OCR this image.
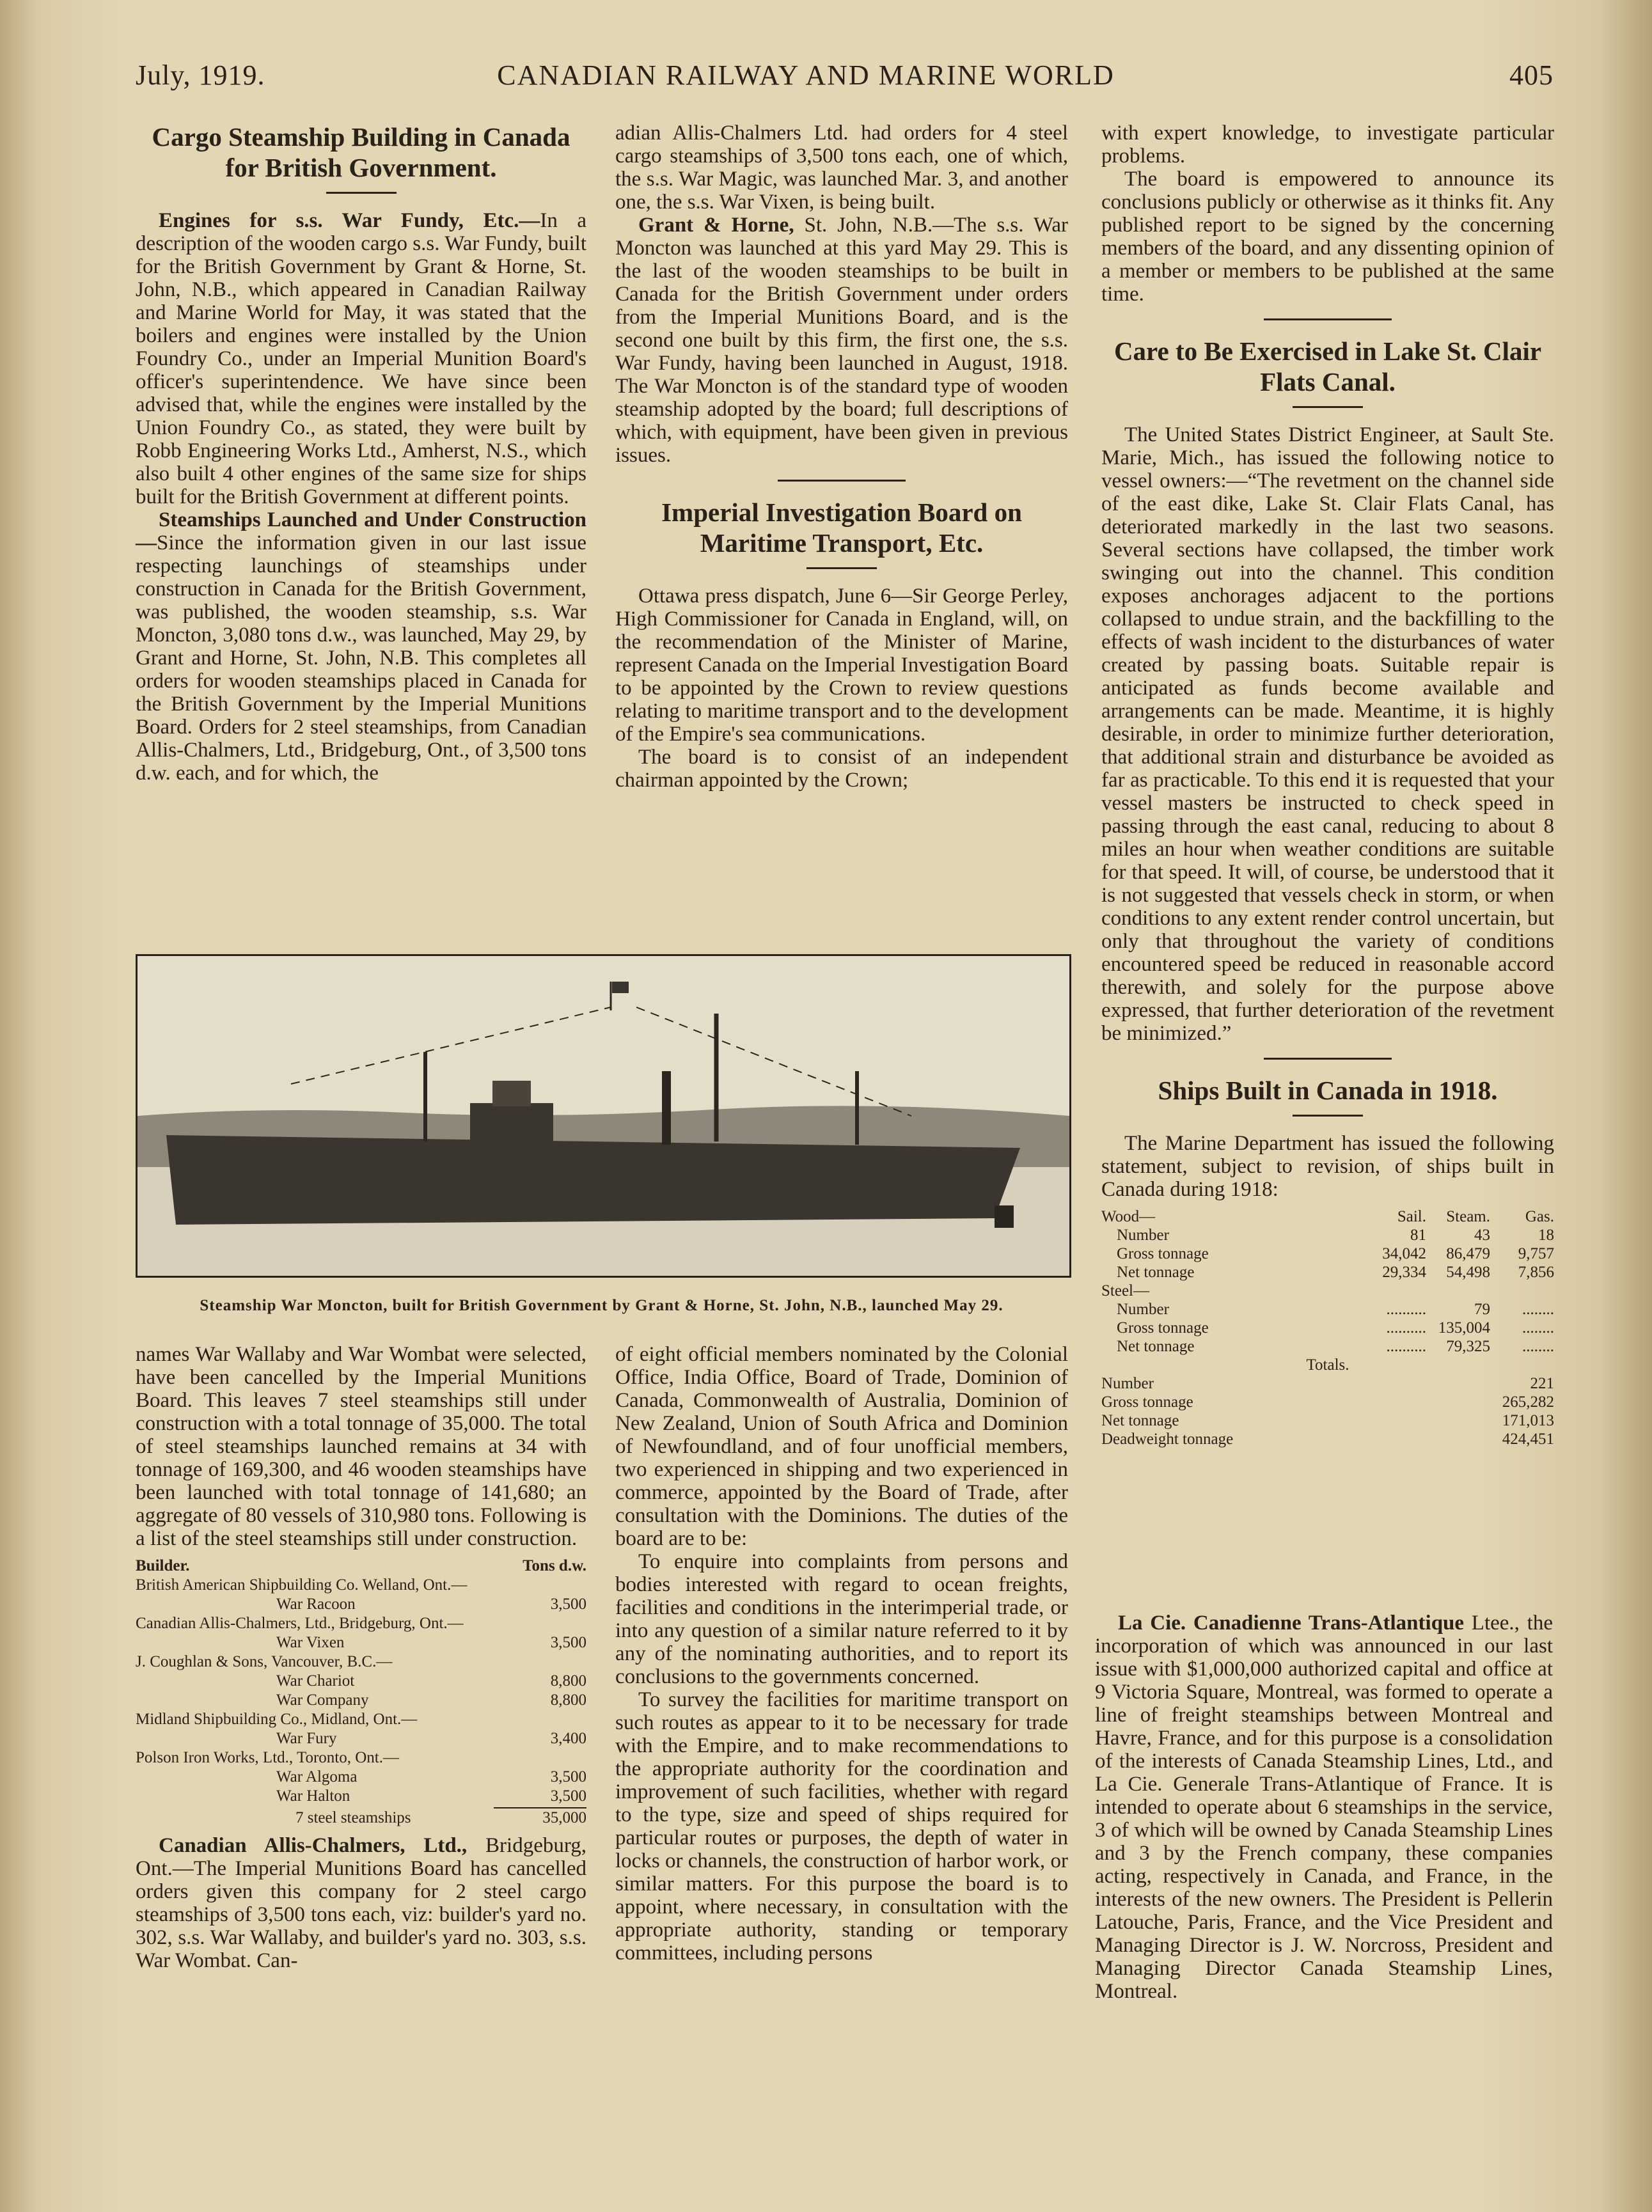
July, 1919.	CANADIAN RAILWAY AND MARINE WORLD	405
Cargo Steamship Building in Canada for British Government.

Engines for s.s. War Fundy, Etc.—In a description of the wooden cargo s.s. War Fundy, built for the British Government by Grant & Horne, St. John, N.B., which appeared in Canadian Railway and Marine World for May, it was stated that the boilers and engines were installed by the Union Foundry Co., under an Imperial Munition Board's officer's superintendence. We have since been advised that, while the engines were installed by the Union Foundry Co., as stated, they were built by Robb Engineering Works Ltd., Amherst, N.S., which also built 4 other engines of the same size for ships built for the British Government at different points.

Steamships Launched and Under Construction—Since the information given in our last issue respecting launchings of steamships under construction in Canada for the British Government, was published, the wooden steamship, s.s. War Moncton, 3,080 tons d.w., was launched, May 29, by Grant and Horne, St. John, N.B. This completes all orders for wooden steamships placed in Canada for the British Government by the Imperial Munitions Board. Orders for 2 steel steamships, from Canadian Allis-Chalmers, Ltd., Bridgeburg, Ont., of 3,500 tons d.w. each, and for which, the

adian Allis-Chalmers Ltd. had orders for 4 steel cargo steamships of 3,500 tons each, one of which, the s.s. War Magic, was launched Mar. 3, and another one, the s.s. War Vixen, is being built.

Grant & Horne, St. John, N.B.—The s.s. War Moncton was launched at this yard May 29. This is the last of the wooden steamships to be built in Canada for the British Government under orders from the Imperial Munitions Board, and is the second one built by this firm, the first one, the s.s. War Fundy, having been launched in August, 1918. The War Moncton is of the standard type of wooden steamship adopted by the board; full descriptions of which, with equipment, have been given in previous issues.

Imperial Investigation Board on Maritime Transport, Etc.

Ottawa press dispatch, June 6—Sir George Perley, High Commissioner for Canada in England, will, on the recommendation of the Minister of Marine, represent Canada on the Imperial Investigation Board to be appointed by the Crown to review questions relating to maritime transport and to the development of the Empire's sea communications.

The board is to consist of an independent chairman appointed by the Crown;

with expert knowledge, to investigate particular problems.

The board is empowered to announce its conclusions publicly or otherwise as it thinks fit. Any published report to be signed by the concerning members of the board, and any dissenting opinion of a member or members to be published at the same time.

Care to Be Exercised in Lake St. Clair Flats Canal.

The United States District Engineer, at Sault Ste. Marie, Mich., has issued the following notice to vessel owners:—“The revetment on the channel side of the east dike, Lake St. Clair Flats Canal, has deteriorated markedly in the last two seasons. Several sections have collapsed, the timber work swinging out into the channel. This condition exposes anchorages adjacent to the portions collapsed to undue strain, and the backfilling to the effects of wash incident to the disturbances of water created by passing boats. Suitable repair is anticipated as funds become available and arrangements can be made. Meantime, it is highly desirable, in order to minimize further deterioration, that additional strain and disturbance be avoided as far as practicable. To this end it is requested that your vessel masters be instructed to check speed in passing through the east canal, reducing to about 8 miles an hour when weather conditions are suitable for that speed. It will, of course, be understood that it is not suggested that vessels check in storm, or when conditions to any extent render control uncertain, but only that throughout the variety of conditions encountered speed be reduced in reasonable accord therewith, and solely for the purpose above expressed, that further deterioration of the revetment be minimized.”

Ships Built in Canada in 1918.

The Marine Department has issued the following statement, subject to revision, of ships built in Canada during 1918:

Wood—	Sail.	Steam.	Gas.
Number	81	43	18
Gross tonnage	34,042	86,479	9,757
Net tonnage	29,334	54,498	7,856
Steel—
Number	..........	79	........
Gross tonnage	.......... 135,004	........
Net tonnage	..........	79,325	........
Totals.
Number	221
Gross tonnage	265,282
Net tonnage	171,013
Deadweight tonnage	424,451

La Cie. Canadienne Trans-Atlantique Ltee., the incorporation of which was announced in our last issue with $1,000,000 authorized capital and office at 9 Victoria Square, Montreal, was formed to operate a line of freight steamships between Montreal and Havre, France, and for this purpose is a consolidation of the interests of Canada Steamship Lines, Ltd., and La Cie. Generale Trans-Atlantique of France. It is intended to operate about 6 steamships in the service, 3 of which will be owned by Canada Steamship Lines and 3 by the French company, these companies acting, respectively in Canada, and France, in the interests of the new owners. The President is Pellerin Latouche, Paris, France, and the Vice President and Managing Director is J. W. Norcross, President and Managing Director Canada Steamship Lines, Montreal.

Steamship War Moncton, built for British Government by Grant & Horne, St. John, N.B., launched May 29.

names War Wallaby and War Wombat were selected, have been cancelled by the Imperial Munitions Board. This leaves 7 steel steamships still under construction with a total tonnage of 35,000. The total of steel steamships launched remains at 34 with tonnage of 169,300, and 46 wooden steamships have been launched with total tonnage of 141,680; an aggregate of 80 vessels of 310,980 tons. Following is a list of the steel steamships still under construction.

Builder.	Tons d.w.
British American Shipbuilding Co. Welland, Ont.—
War Racoon	3,500
Canadian Allis-Chalmers, Ltd., Bridgeburg, Ont.—
War Vixen	3,500
J. Coughlan & Sons, Vancouver, B.C.—
War Chariot	8,800
War Company	8,800
Midland Shipbuilding Co., Midland, Ont.—
War Fury	3,400
Polson Iron Works, Ltd., Toronto, Ont.—
War Algoma	3,500
War Halton	3,500
7 steel steamships	35,000

Canadian Allis-Chalmers, Ltd., Bridgeburg, Ont.—The Imperial Munitions Board has cancelled orders given this company for 2 steel cargo steamships of 3,500 tons each, viz: builder's yard no. 302, s.s. War Wallaby, and builder's yard no. 303, s.s. War Wombat. Can-

of eight official members nominated by the Colonial Office, India Office, Board of Trade, Dominion of Canada, Commonwealth of Australia, Dominion of New Zealand, Union of South Africa and Dominion of Newfoundland, and of four unofficial members, two experienced in shipping and two experienced in commerce, appointed by the Board of Trade, after consultation with the Dominions. The duties of the board are to be:

To enquire into complaints from persons and bodies interested with regard to ocean freights, facilities and conditions in the interimperial trade, or into any question of a similar nature referred to it by any of the nominating authorities, and to report its conclusions to the governments concerned.

To survey the facilities for maritime transport on such routes as appear to it to be necessary for trade with the Empire, and to make recommendations to the appropriate authority for the coordination and improvement of such facilities, whether with regard to the type, size and speed of ships required for particular routes or purposes, the depth of water in locks or channels, the construction of harbor work, or similar matters. For this purpose the board is to appoint, where necessary, in consultation with the appropriate authority, standing or temporary committees, including persons
